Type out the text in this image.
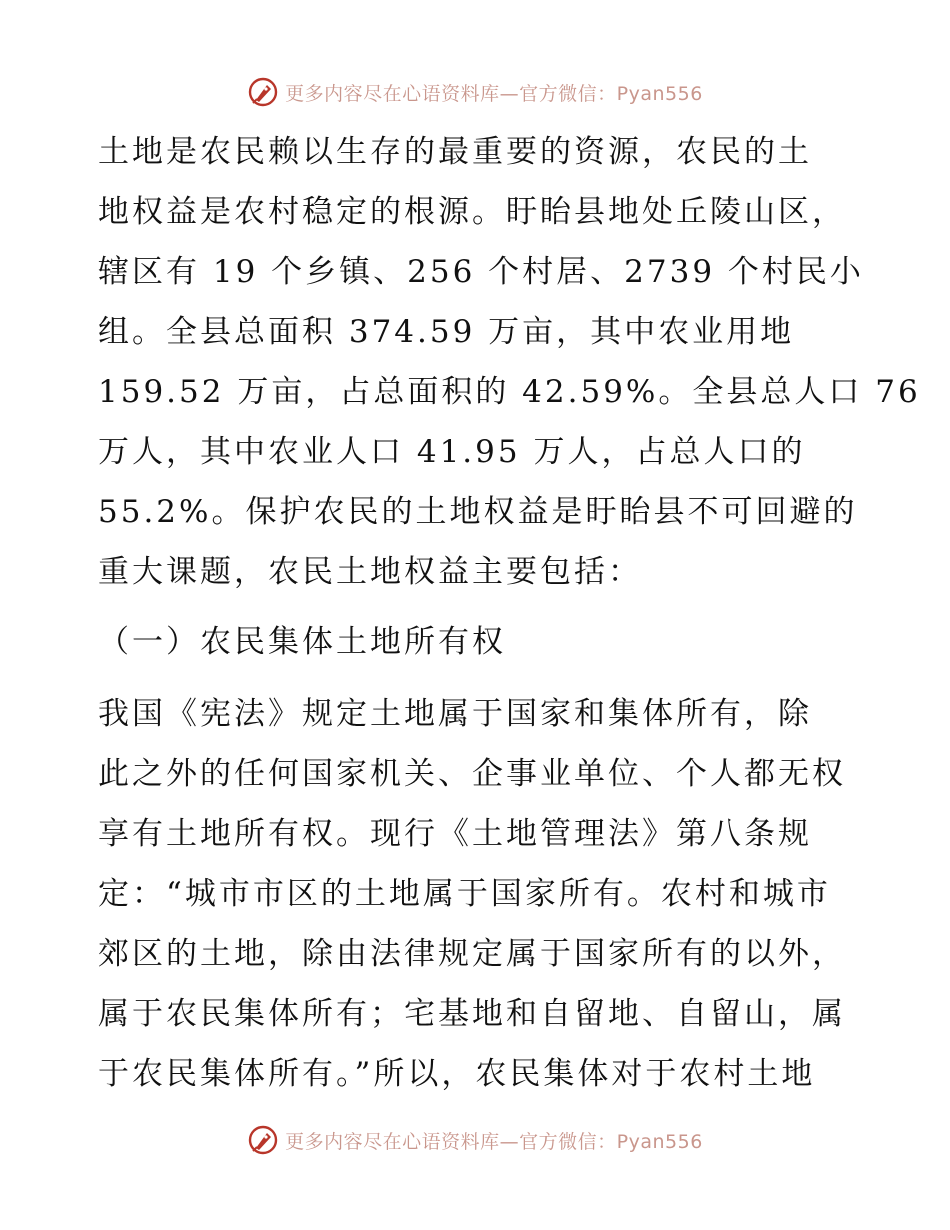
更多内容尽在心语资料库—官方微信：Pyan556
土地是农民赖以生存的最重要的资源，农民的土
地权益是农村稳定的根源。盱眙县地处丘陵山区，
辖区有 19 个乡镇、256 个村居、2739 个村民小
组。全县总面积 374.59 万亩，其中农业用地
159.52 万亩，占总面积的 42.59%。全县总人口 76
万人，其中农业人口 41.95 万人，占总人口的
55.2%。保护农民的土地权益是盱眙县不可回避的
重大课题，农民土地权益主要包括：
（一）农民集体土地所有权
我国《宪法》规定土地属于国家和集体所有，除
此之外的任何国家机关、企事业单位、个人都无权
享有土地所有权。现行《土地管理法》第八条规
定：“城市市区的土地属于国家所有。农村和城市
郊区的土地，除由法律规定属于国家所有的以外，
属于农民集体所有；宅基地和自留地、自留山，属
于农民集体所有。”所以，农民集体对于农村土地
更多内容尽在心语资料库—官方微信：Pyan556
